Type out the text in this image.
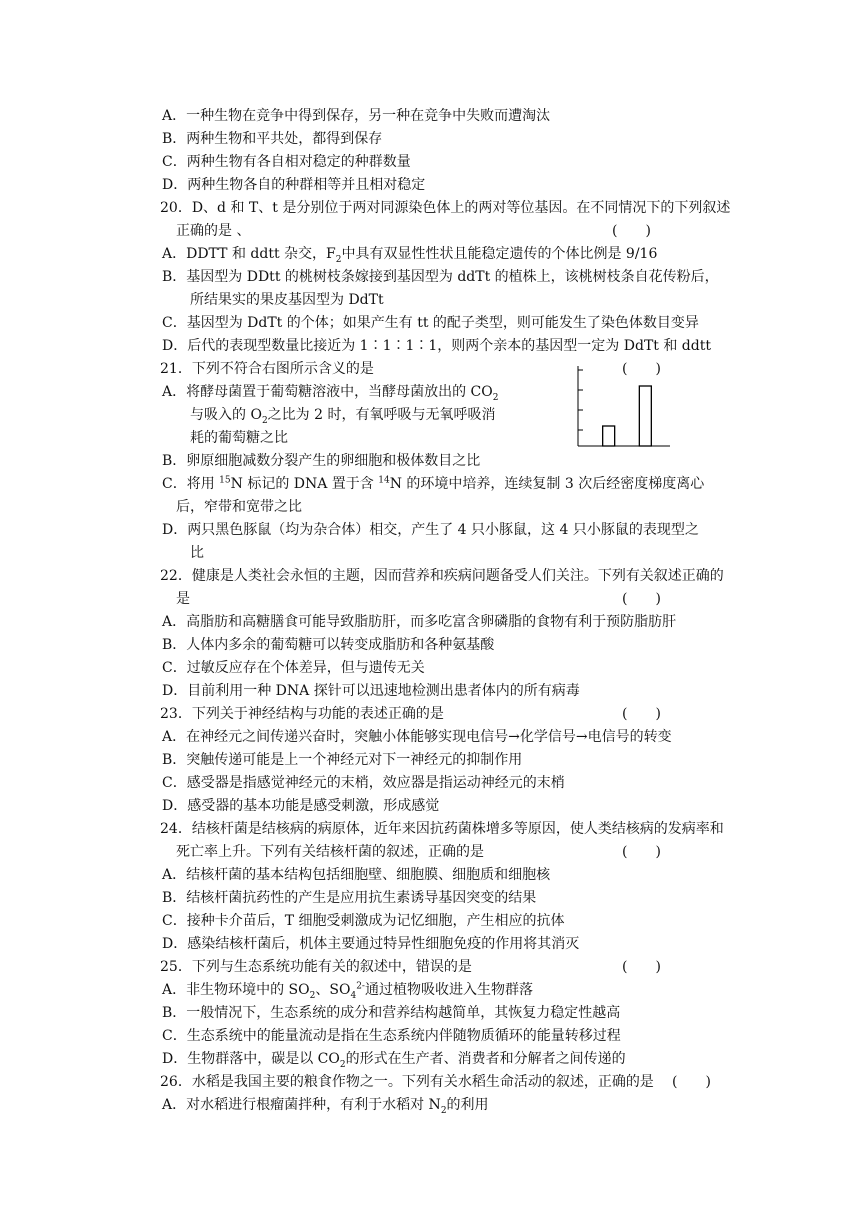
A．一种生物在竞争中得到保存，另一种在竞争中失败而遭淘汰
B．两种生物和平共处，都得到保存
C．两种生物有各自相对稳定的种群数量
D．两种生物各自的种群相等并且相对稳定
20．D、d 和 T、t 是分别位于两对同源染色体上的两对等位基因。在不同情况下的下列叙述
正确的是 、	(　　)
A．DDTT 和 ddtt 杂交，$F_2$中具有双显性性状且能稳定遗传的个体比例是 9/16
B．基因型为 DDtt 的桃树枝条嫁接到基因型为 ddTt 的植株上，该桃树枝条自花传粉后，
所结果实的果皮基因型为 DdTt
C．基因型为 DdTt 的个体；如果产生有 tt 的配子类型，则可能发生了染色体数目变异
D．后代的表现型数量比接近为 1∶1∶1∶1，则两个亲本的基因型一定为 DdTt 和 ddtt
21．下列不符合右图所示含义的是	(　　)
A．将酵母菌置于葡萄糖溶液中，当酵母菌放出的 $CO_2$
与吸入的 $O_2$之比为 2 时，有氧呼吸与无氧呼吸消
耗的葡萄糖之比
B．卵原细胞减数分裂产生的卵细胞和极体数目之比
C．将用 $^{15}$N 标记的 DNA 置于含 $^{14}$N 的环境中培养，连续复制 3 次后经密度梯度离心
后，窄带和宽带之比
D．两只黑色豚鼠（均为杂合体）相交，产生了 4 只小豚鼠，这 4 只小豚鼠的表现型之
比
22．健康是人类社会永恒的主题，因而营养和疾病问题备受人们关注。下列有关叙述正确的
是	(　　)
A．高脂肪和高糖膳食可能导致脂肪肝，而多吃富含卵磷脂的食物有利于预防脂肪肝
B．人体内多余的葡萄糖可以转变成脂肪和各种氨基酸
C．过敏反应存在个体差异，但与遗传无关
D．目前利用一种 DNA 探针可以迅速地检测出患者体内的所有病毒
23．下列关于神经结构与功能的表述正确的是	(　　)
A．在神经元之间传递兴奋时，突触小体能够实现电信号→化学信号→电信号的转变
B．突触传递可能是上一个神经元对下一神经元的抑制作用
C．感受器是指感觉神经元的末梢，效应器是指运动神经元的末梢
D．感受器的基本功能是感受刺激，形成感觉
24．结核杆菌是结核病的病原体，近年来因抗药菌株增多等原因，使人类结核病的发病率和
死亡率上升。下列有关结核杆菌的叙述，正确的是	(　　)
A．结核杆菌的基本结构包括细胞壁、细胞膜、细胞质和细胞核
B．结核杆菌抗药性的产生是应用抗生素诱导基因突变的结果
C．接种卡介苗后，T 细胞受刺激成为记忆细胞，产生相应的抗体
D．感染结核杆菌后，机体主要通过特异性细胞免疫的作用将其消灭
25．下列与生态系统功能有关的叙述中，错误的是	(　　)
A．非生物环境中的 $SO_2$、$SO_4^{2-}$通过植物吸收进入生物群落
B．一般情况下，生态系统的成分和营养结构越简单，其恢复力稳定性越高
C．生态系统中的能量流动是指在生态系统内伴随物质循环的能量转移过程
D．生物群落中，碳是以 $CO_2$的形式在生产者、消费者和分解者之间传递的
26．水稻是我国主要的粮食作物之一。下列有关水稻生命活动的叙述，正确的是 (　　)
A．对水稻进行根瘤菌拌种，有利于水稻对 $N_2$的利用
